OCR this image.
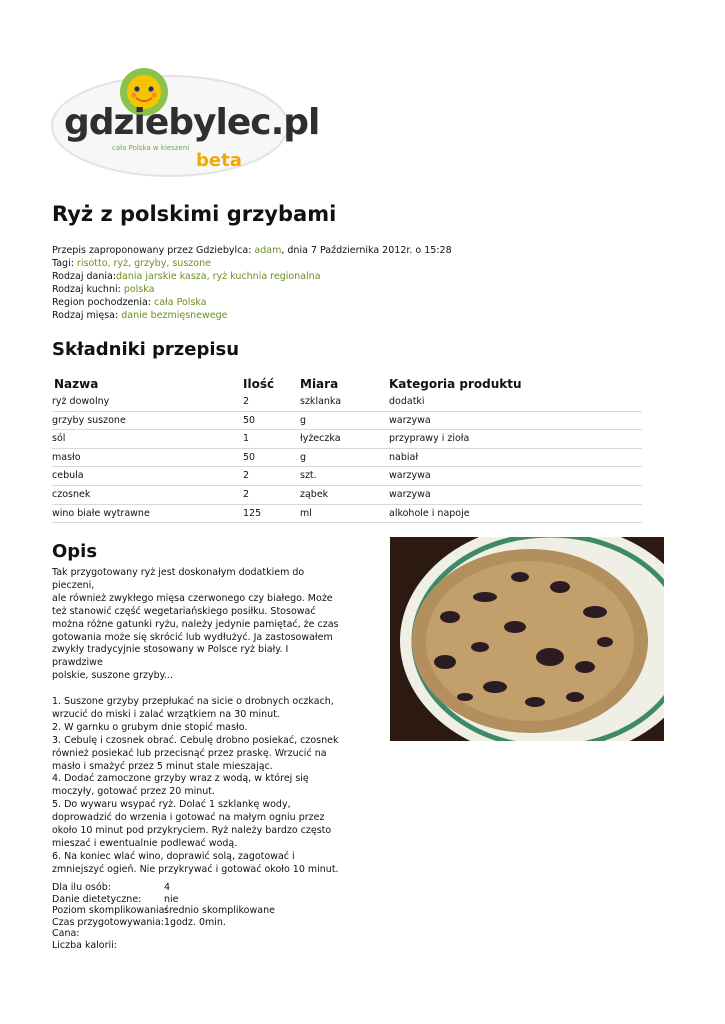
gdziebylec.pl
cała Polska w kieszeni
beta
Ryż z polskimi grzybami
Przepis zaproponowany przez Gdziebylca: adam, dnia 7 Października 2012r. o 15:28
Tagi: risotto, ryż, grzyby, suszone
Rodzaj dania:dania jarskie kasza, ryż kuchnia regionalna
Rodzaj kuchni: polska
Region pochodzenia: cała Polska
Rodzaj mięsa: danie bezmięsnewege
Składniki przepisu
Nazwa	Ilość Miara	Kategoria produktu
ryż dowolny	2	szklanka	dodatki
grzyby suszone	50	g	warzywa
sól	1	łyżeczka	przyprawy i zioła
masło	50	g	nabiał
cebula	2	szt.	warzywa
czosnek	2	ząbek	warzywa
wino białe wytrawne	125	ml	alkohole i napoje
Opis

Tak przygotowany ryż jest doskonałym dodatkiem do pieczeni,
ale również zwykłego mięsa czerwonego czy białego. Może
też stanowić część wegetariańskiego posiłku. Stosować
można różne gatunki ryżu, należy jedynie pamiętać, że czas
gotowania może się skrócić lub wydłużyć. Ja zastosowałem
zwykły tradycyjnie stosowany w Polsce ryż biały. I prawdziwe
polskie, suszone grzyby...

1. Suszone grzyby przepłukać na sicie o drobnych oczkach,
wrzucić do miski i zalać wrzątkiem na 30 minut.
2. W garnku o grubym dnie stopić masło.
3. Cebulę i czosnek obrać. Cebulę drobno posiekać, czosnek
również posiekać lub przecisnąć przez praskę. Wrzucić na
masło i smażyć przez 5 minut stale mieszając.
4. Dodać zamoczone grzyby wraz z wodą, w której się
moczyły, gotować przez 20 minut.
5. Do wywaru wsypać ryż. Dolać 1 szklankę wody,
doprowadzić do wrzenia i gotować na małym ogniu przez
około 10 minut pod przykryciem. Ryż należy bardzo często
mieszać i ewentualnie podlewać wodą.
6. Na koniec wlać wino, doprawić solą, zagotować i
zmniejszyć ogień. Nie przykrywać i gotować około 10 minut.

Dla ilu osób:	4
Danie dietetyczne: nie
Poziom skomplikowania:
średnio skomplikowane
Czas przygotowywania: 1godz. 0min.
Cana:
Liczba kalorii:
